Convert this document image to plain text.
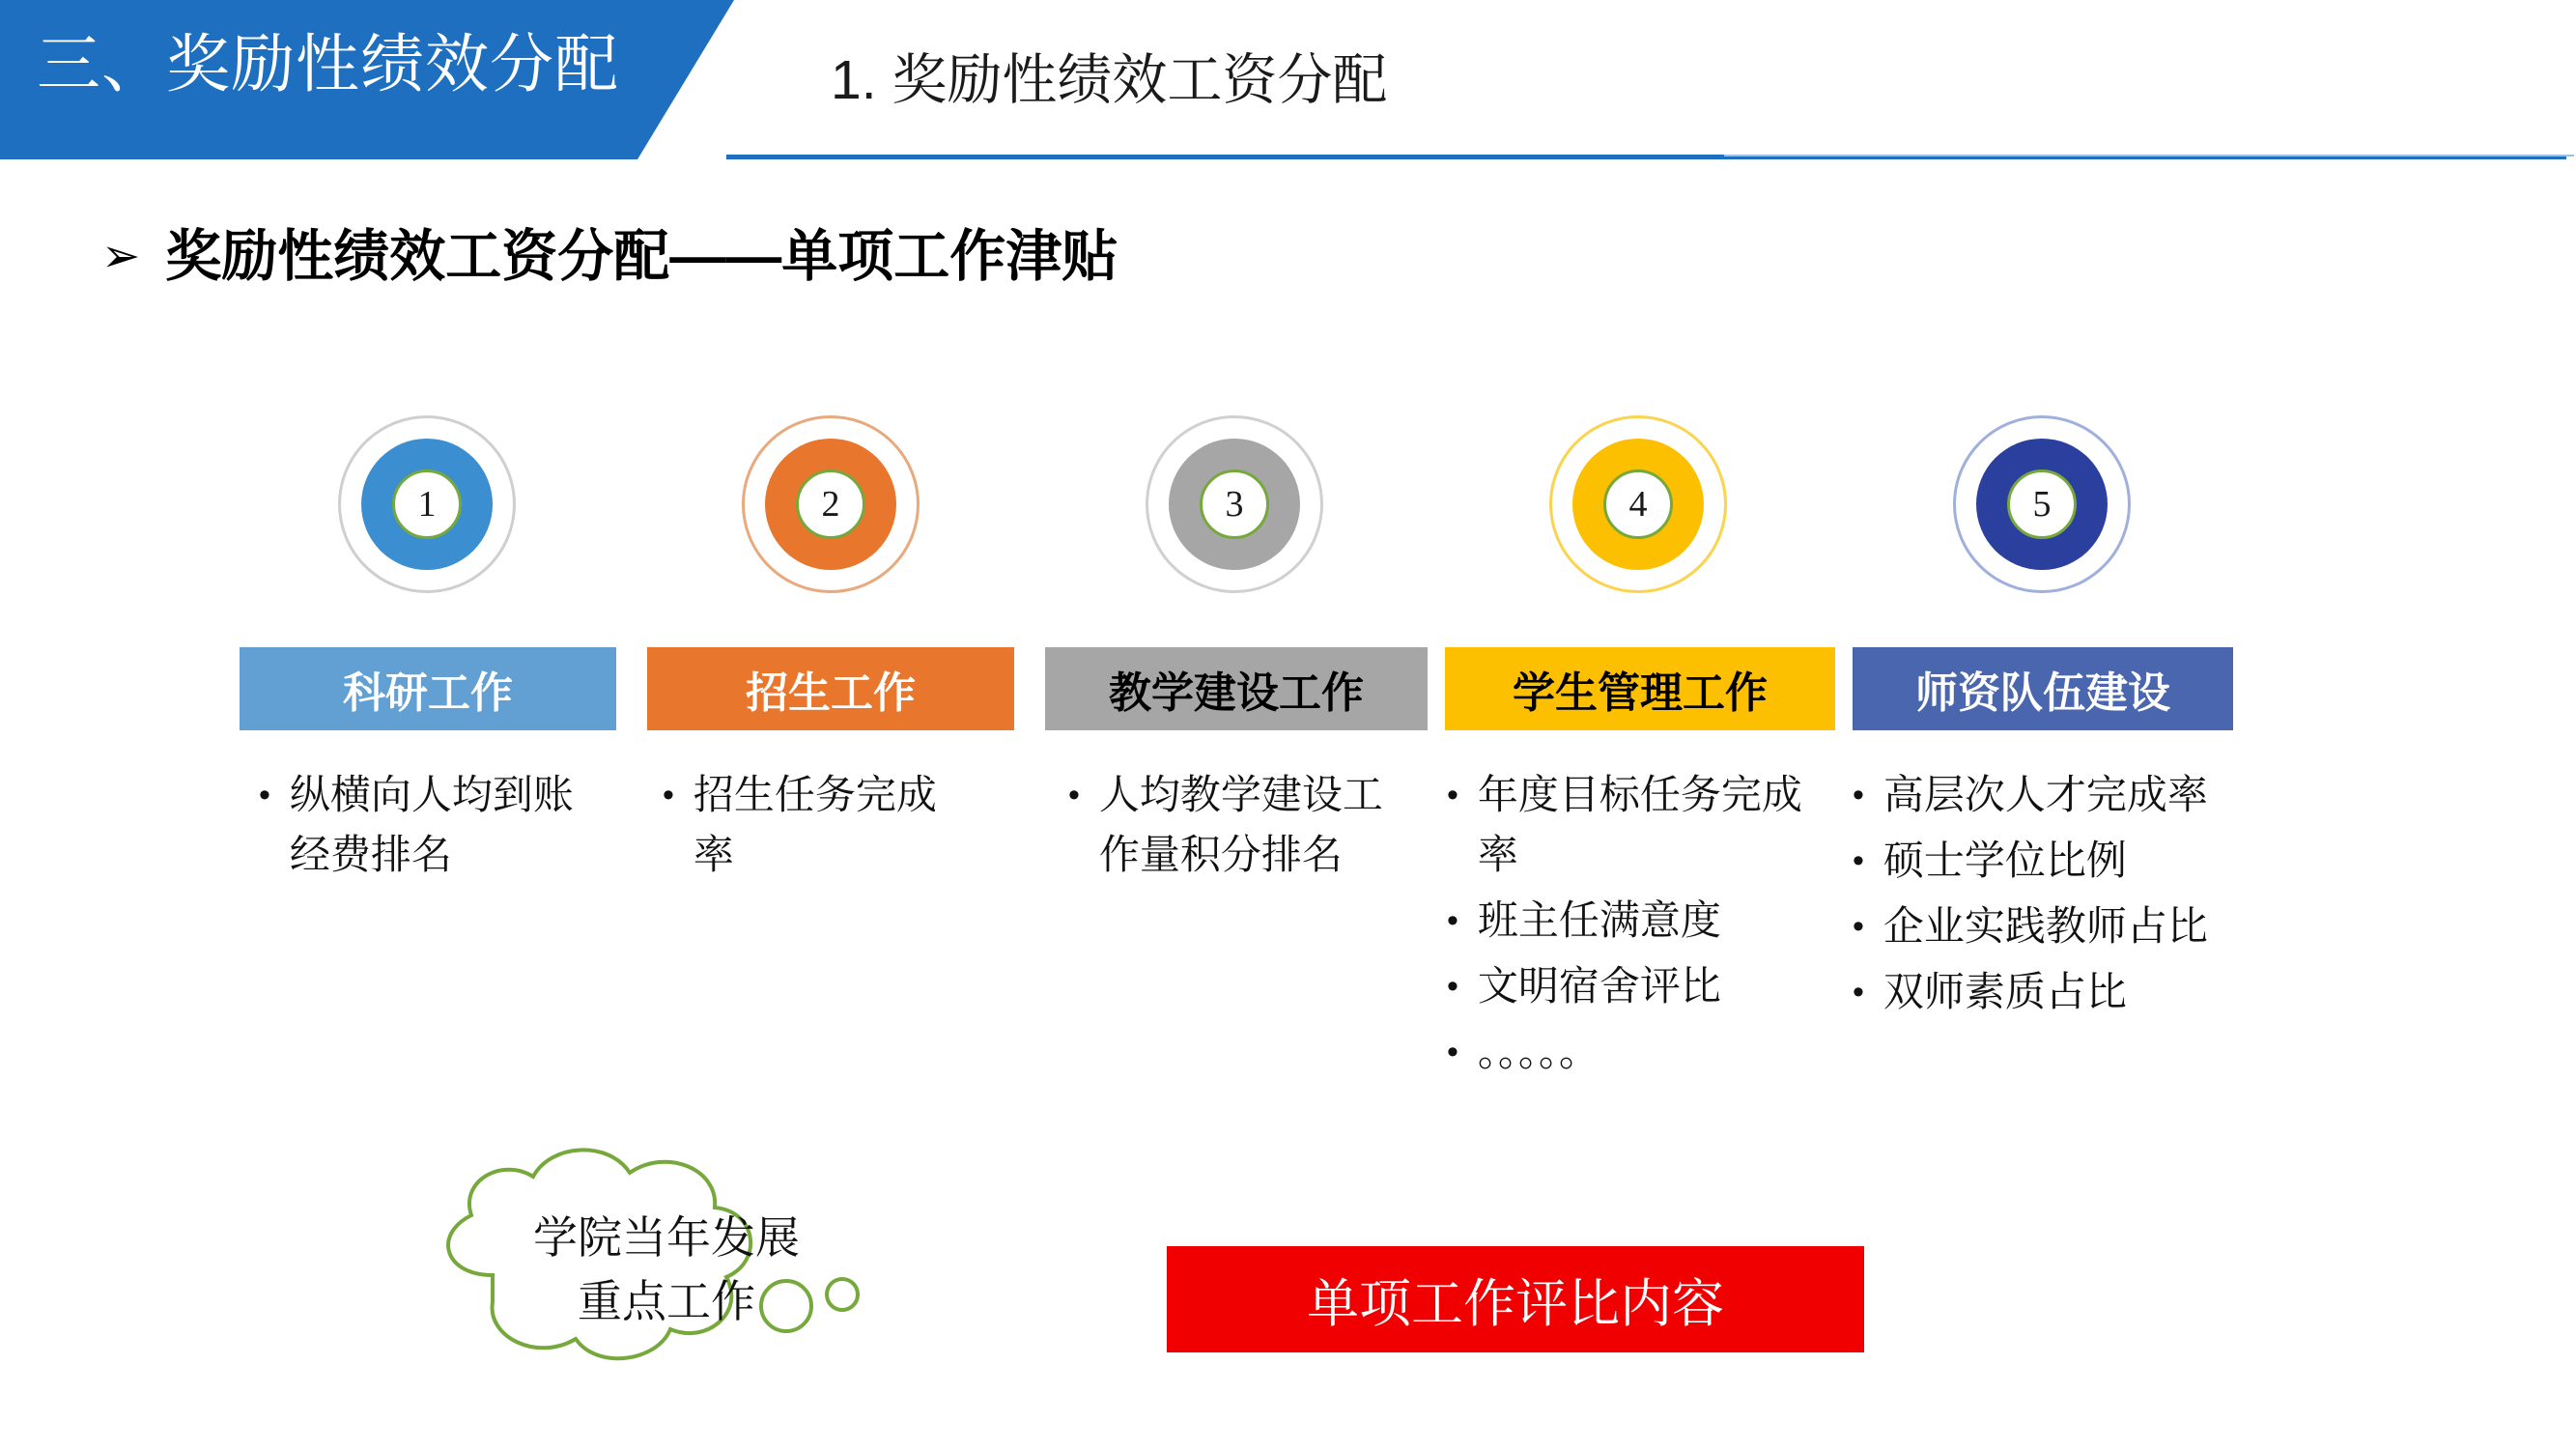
三、奖励性绩效分配	1. 奖励性绩效工资分配
➢ 奖励性绩效工资分配——单项工作津贴
1
科研工作
• 纵横向人均到账经费排名
2
招生工作
• 招生任务完成率
3
教学建设工作
• 人均教学建设工作量积分排名
4
学生管理工作
• 年度目标任务完成率
• 班主任满意度
• 文明宿舍评比
• 。。。。。
5
师资队伍建设
• 高层次人才完成率
• 硕士学位比例
• 企业实践教师占比
• 双师素质占比
学院当年发展
重点工作	单项工作评比内容
